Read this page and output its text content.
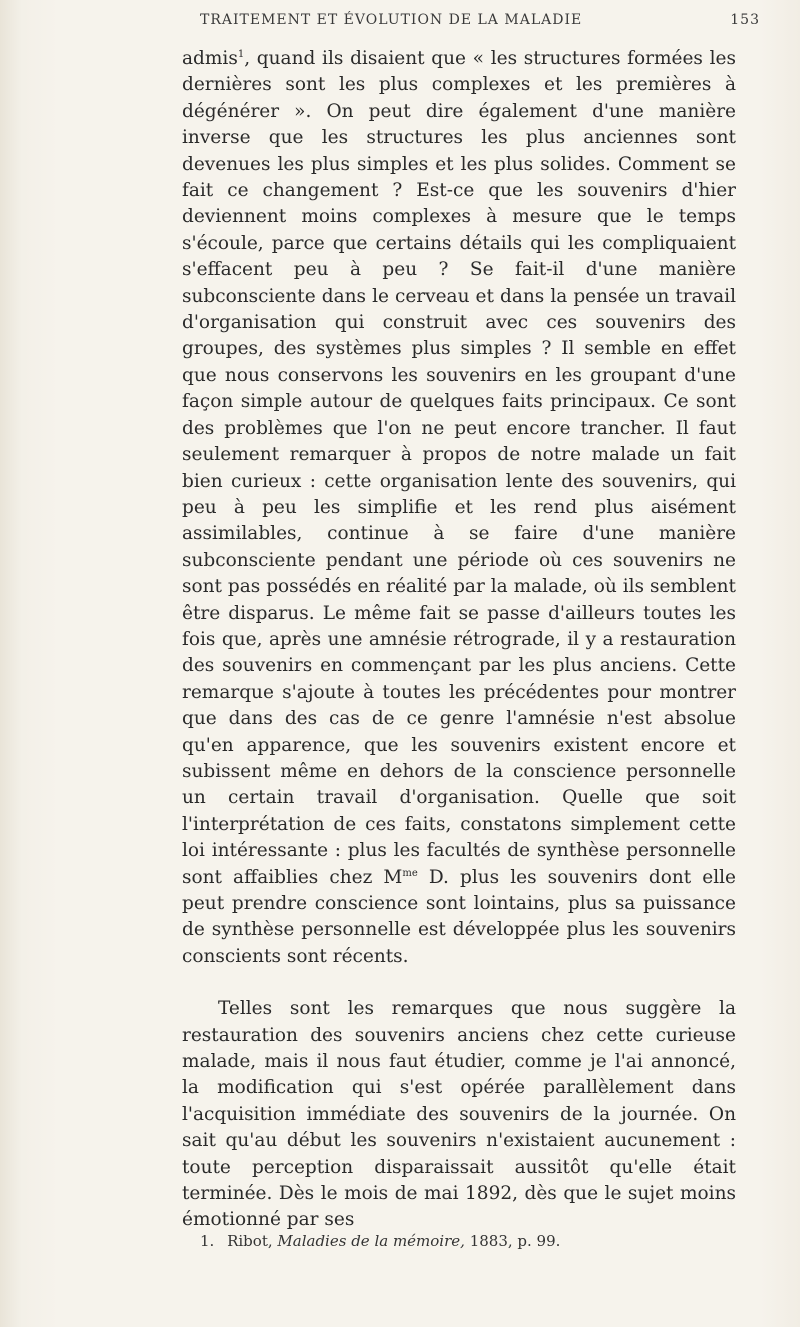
TRAITEMENT ET ÉVOLUTION DE LA MALADIE	153

admis$^1$, quand ils disaient que « les structures formées les dernières sont les plus complexes et les premières à dégénérer ». On peut dire également d'une manière inverse que les structures les plus anciennes sont devenues les plus simples et les plus solides. Comment se fait ce changement ? Est-ce que les souvenirs d'hier deviennent moins complexes à mesure que le temps s'écoule, parce que certains détails qui les compliquaient s'effacent peu à peu ? Se fait-il d'une manière subconsciente dans le cerveau et dans la pensée un travail d'organisation qui construit avec ces souvenirs des groupes, des systèmes plus simples ? Il semble en effet que nous conservons les souvenirs en les groupant d'une façon simple autour de quelques faits principaux. Ce sont des problèmes que l'on ne peut encore trancher. Il faut seulement remarquer à propos de notre malade un fait bien curieux : cette organisation lente des souvenirs, qui peu à peu les simplifie et les rend plus aisément assimilables, continue à se faire d'une manière subconsciente pendant une période où ces souvenirs ne sont pas possédés en réalité par la malade, où ils semblent être disparus. Le même fait se passe d'ailleurs toutes les fois que, après une amnésie rétrograde, il y a restauration des souvenirs en commençant par les plus anciens. Cette remarque s'ajoute à toutes les précédentes pour montrer que dans des cas de ce genre l'amnésie n'est absolue qu'en apparence, que les souvenirs existent encore et subissent même en dehors de la conscience personnelle un certain travail d'organisation. Quelle que soit l'interprétation de ces faits, constatons simplement cette loi intéressante : plus les facultés de synthèse personnelle sont affaiblies chez $M^{me}$ D. plus les souvenirs dont elle peut prendre conscience sont lointains, plus sa puissance de synthèse personnelle est développée plus les souvenirs conscients sont récents.

Telles sont les remarques que nous suggère la restauration des souvenirs anciens chez cette curieuse malade, mais il nous faut étudier, comme je l'ai annoncé, la modification qui s'est opérée parallèlement dans l'acquisition immédiate des souvenirs de la journée. On sait qu'au début les souvenirs n'existaient aucunement : toute perception disparaissait aussitôt qu'elle était terminée. Dès le mois de mai 1892, dès que le sujet moins émotionné par ses

1. Ribot, Maladies de la mémoire, 1883, p. 99.
